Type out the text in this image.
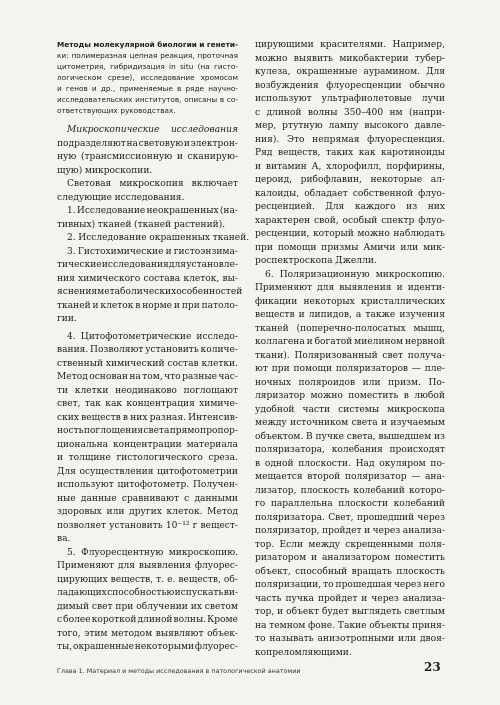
Методы молекулярной биологии и генети-
ки: полимеразная цепная реакция, проточная
цитометрия, гибридизация in situ (на гисто-
логическом срезе), исследование хромосом
и генов и др., применяемые в ряде научно-
исследовательских институтов, описаны в со-
ответствующих руководствах.
Микроскопические исследования
подразделяют на световую и электрон-
ную (трансмиссионную и сканирую-
щую) микроскопии.
Световая микроскопия включает
следующие исследования.
1. Исследование неокрашенных (на-
тивных) тканей (тканей растений).
2. Исследование окрашенных тканей.
3. Гистохимические и гистоэнзима-
тические исследования для установле-
ния химического состава клеток, вы-
яснения метаболических особенностей
тканей и клеток в норме и при патоло-
гии.
4. Цитофотометрические исследо-
вания. Позволяют установить количе-
ственный химический состав клетки.
Метод основан на том, что разные час-
ти клетки неодинаково поглощают
свет, так как концентрация химиче-
ских веществ в них разная. Интенсив-
ность поглощения света прямо пропор-
циональна концентрации материала
и толщине гистологического среза.
Для осуществления цитофотометрии
используют цитофотометр. Получен-
ные данные сравнивают с данными
здоровых или других клеток. Метод
позволяет установить 10⁻¹² г вещест-
ва.
5. Флуоресцентную микроскопию.
Применяют для выявления флуорес-
цирующих веществ, т. е. веществ, об-
ладающих способностью испускать ви-
димый свет при облучении их светом
с более короткой длиной волны. Кроме
того, этим методом выявляют объек-
ты, окрашенные некоторыми флуорес-
цирующими красителями. Например,
можно выявить микобактерии тубер-
кулеза, окрашенные аурамином. Для
возбуждения флуоресценции обычно
используют ультрафиолетовые лучи
с длиной волны 350–400 нм (напри-
мер, ртутную лампу высокого давле-
ния). Это непрямая флуоресценция.
Ряд веществ, таких как каротиноиды
и витамин А, хлорофилл, порфирины,
цероид, рибофлавин, некоторые ал-
калоиды, обладает собственной флуо-
ресценцией. Для каждого из них
характерен свой, особый спектр флуо-
ресценции, который можно наблюдать
при помощи призмы Амичи или мик-
роспектроскопа Джелли.
6. Поляризационную микроскопию.
Применяют для выявления и иденти-
фикации некоторых кристаллических
веществ и липидов, а также изучения
тканей (поперечно-полосатых мышц,
коллагена и богатой миелином нервной
ткани). Поляризованный свет получа-
ют при помощи поляризаторов — пле-
ночных поляроидов или призм. По-
ляризатор можно поместить в любой
удобной части системы микроскопа
между источником света и изучаемым
объектом. В пучке света, вышедшем из
поляризатора, колебания происходят
в одной плоскости. Над окуляром по-
мещается второй поляризатор — ана-
лизатор, плоскость колебаний которо-
го параллельна плоскости колебаний
поляризатора. Свет, прошедший через
поляризатор, пройдет и через анализа-
тор. Если между скрещенными поля-
ризатором и анализатором поместить
объект, способный вращать плоскость
поляризации, то прошедшая через него
часть пучка пройдет и через анализа-
тор, и объект будет выглядеть светлым
на темном фоне. Такие объекты приня-
то называть анизотропными или двоя-
копреломляющими.
Глава 1. Материал и методы исследования в патологической анатомии	23
